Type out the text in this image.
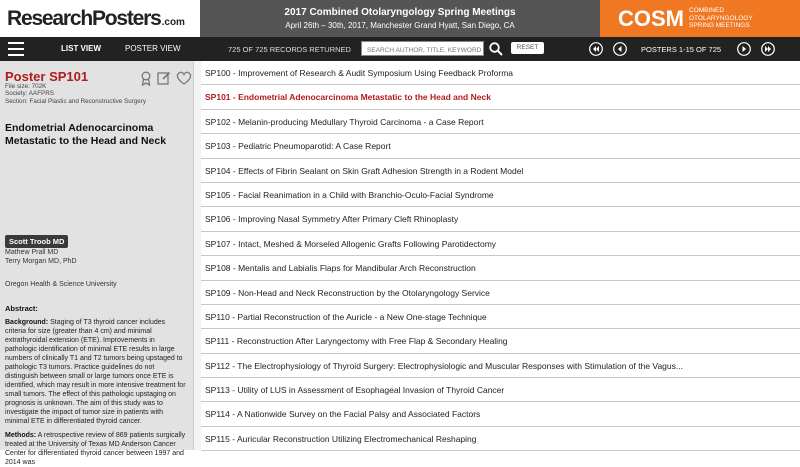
ResearchPosters .com
2017 Combined Otolaryngology Spring Meetings
April 26th – 30th, 2017, Manchester Grand Hyatt, San Diego, CA	COSM COMBINED
OTOLARYNGOLOGY
SPRING MEETINGS
LIST VIEW	POSTER VIEW	725 OF 725 RECORDS RETURNED
SEARCH AUTHOR, TITLE, KEYWORD	RESET	POSTERS 1-15 OF 725
Poster SP101
File size: 702K
Society: AAFPRS
Section: Facial Plastic and Reconstructive Surgery
Endometrial Adenocarcinoma Metastatic to the Head and Neck
Scott Troob MD
Mathew Prall MD
Terry Morgan MD, PhD
Oregon Health & Science University
Abstract:
Background: Staging of T3 thyroid cancer includes criteria for size (greater than 4 cm) and minimal extrathyroidal extension (ETE). Improvements in pathologic identification of minimal ETE results in large numbers of clinically T1 and T2 tumors being upstaged to pathologic T3 tumors. Practice guidelines do not distinguish between small or large tumors once ETE is identified, which may result in more intensive treatment for small tumors. The effect of this pathologic upstaging on prognosis is unknown. The aim of this study was to investigate the impact of tumor size in patients with minimal ETE in differentiated thyroid cancer.
Methods: A retrospective review of 869 patients surgically treated at the University of Texas MD Anderson Cancer Center for differentiated thyroid cancer between 1997 and 2014 was
SP100 - Improvement of Research & Audit Symposium Using Feedback Proforma
SP101 - Endometrial Adenocarcinoma Metastatic to the Head and Neck
SP102 - Melanin-producing Medullary Thyroid Carcinoma - a Case Report
SP103 - Pediatric Pneumoparotid: A Case Report
SP104 - Effects of Fibrin Sealant on Skin Graft Adhesion Strength in a Rodent Model
SP105 - Facial Reanimation in a Child with Branchio-Oculo-Facial Syndrome
SP106 - Improving Nasal Symmetry After Primary Cleft Rhinoplasty
SP107 - Intact, Meshed & Morseled Allogenic Grafts Following Parotidectomy
SP108 - Mentalis and Labialis Flaps for Mandibular Arch Reconstruction
SP109 - Non-Head and Neck Reconstruction by the Otolaryngology Service
SP110 - Partial Reconstruction of the Auricle - a New One-stage Technique
SP111 - Reconstruction After Laryngectomy with Free Flap & Secondary Healing
SP112 - The Electrophysiology of Thyroid Surgery: Electrophysiologic and Muscular Responses with Stimulation of the Vagus...
SP113 - Utility of LUS in Assessment of Esophageal Invasion of Thyroid Cancer
SP114 - A Nationwide Survey on the Facial Palsy and Associated Factors
SP115 - Auricular Reconstruction Utilizing Electromechanical Reshaping
